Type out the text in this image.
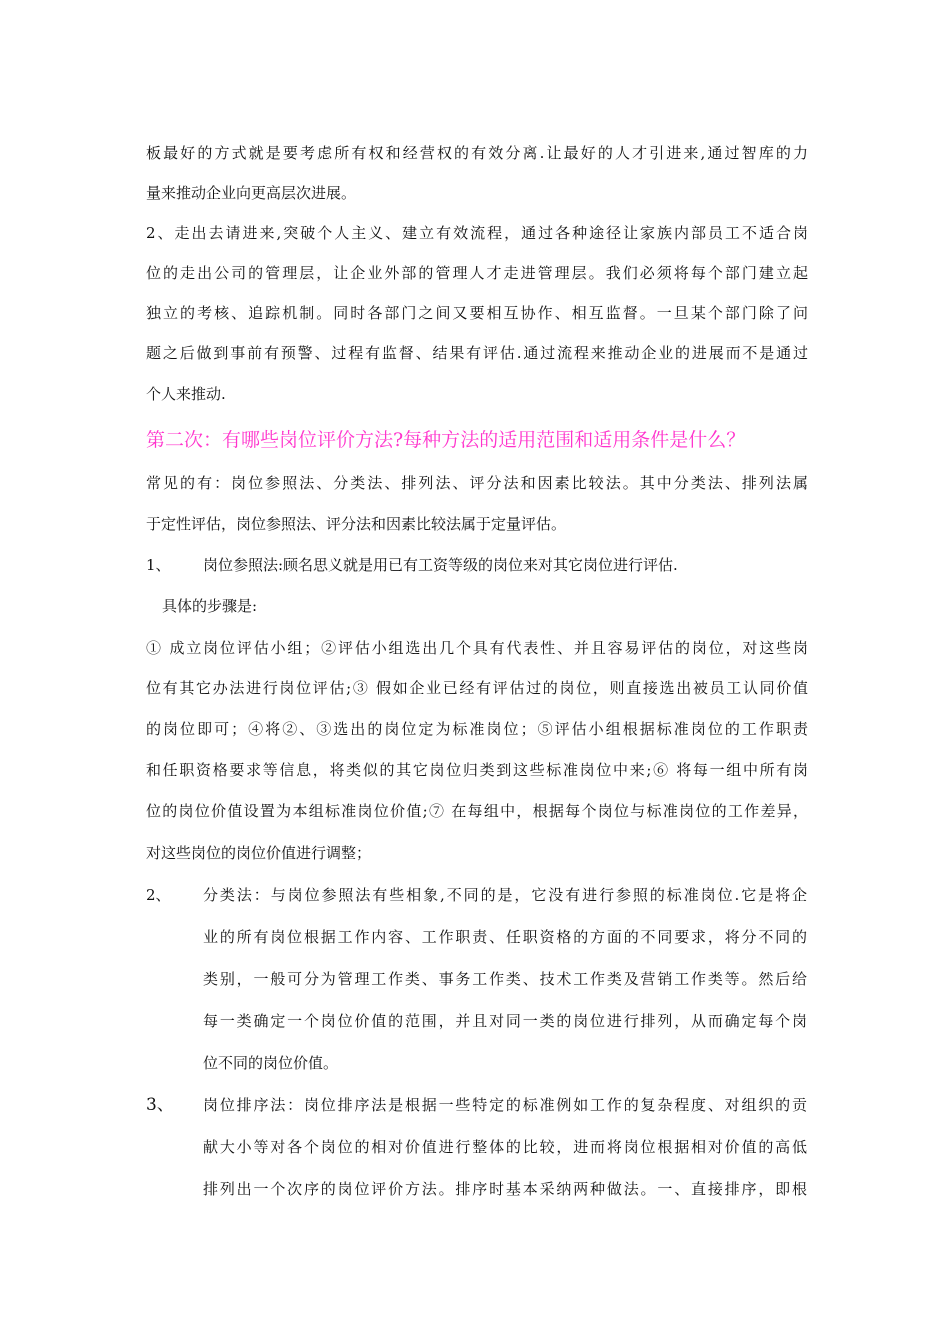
板最好的方式就是要考虑所有权和经营权的有效分离.让最好的人才引进来,通过智库的力
量来推动企业向更高层次进展。
2、走出去请进来,突破个人主义、建立有效流程，通过各种途径让家族内部员工不适合岗
位的走出公司的管理层，让企业外部的管理人才走进管理层。我们必须将每个部门建立起
独立的考核、追踪机制。同时各部门之间又要相互协作、相互监督。一旦某个部门除了问
题之后做到事前有预警、过程有监督、结果有评估.通过流程来推动企业的进展而不是通过
个人来推动.
第二次：有哪些岗位评价方法?每种方法的适用范围和适用条件是什么？
常见的有：岗位参照法、分类法、排列法、评分法和因素比较法。其中分类法、排列法属
于定性评估，岗位参照法、评分法和因素比较法属于定量评估。
1、 岗位参照法:顾名思义就是用已有工资等级的岗位来对其它岗位进行评估.
具体的步骤是:
① 成立岗位评估小组；②评估小组选出几个具有代表性、并且容易评估的岗位，对这些岗
位有其它办法进行岗位评估;③ 假如企业已经有评估过的岗位，则直接选出被员工认同价值
的岗位即可；④将②、③选出的岗位定为标准岗位；⑤评估小组根据标准岗位的工作职责
和任职资格要求等信息，将类似的其它岗位归类到这些标准岗位中来;⑥ 将每一组中所有岗
位的岗位价值设置为本组标准岗位价值;⑦ 在每组中，根据每个岗位与标准岗位的工作差异，
对这些岗位的岗位价值进行调整；
2、 分类法：与岗位参照法有些相象,不同的是，它没有进行参照的标准岗位.它是将企
业的所有岗位根据工作内容、工作职责、任职资格的方面的不同要求，将分不同的
类别，一般可分为管理工作类、事务工作类、技术工作类及营销工作类等。然后给
每一类确定一个岗位价值的范围，并且对同一类的岗位进行排列，从而确定每个岗
位不同的岗位价值。
3、 岗位排序法：岗位排序法是根据一些特定的标准例如工作的复杂程度、对组织的贡
献大小等对各个岗位的相对价值进行整体的比较，进而将岗位根据相对价值的高低
排列出一个次序的岗位评价方法。排序时基本采纳两种做法。一、直接排序，即根
